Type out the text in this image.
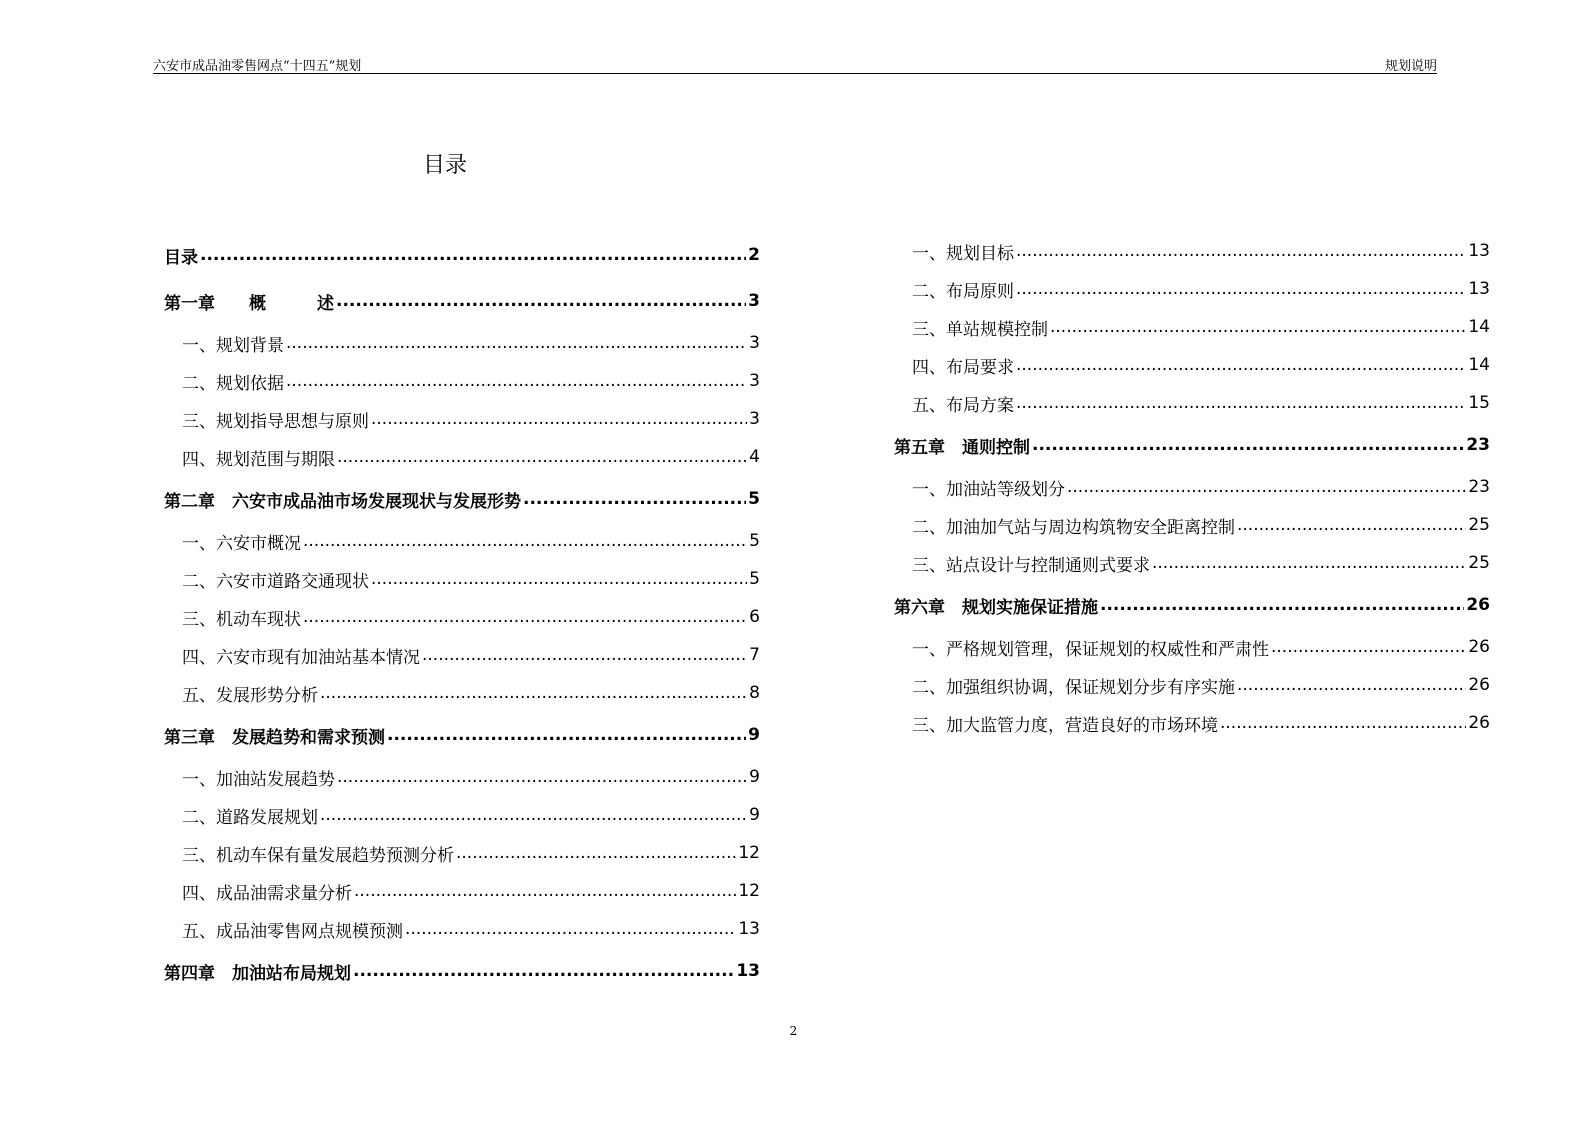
六安市成品油零售网点“十四五”规划	规划说明
目录
目录 .....	2
第一章　　概　　　述 .....	3
一、规划背景 .....	3
二、规划依据 .....	3
三、规划指导思想与原则 .....	3
四、规划范围与期限 .....	4
第二章　六安市成品油市场发展现状与发展形势 .....	5
一、六安市概况 .....	5
二、六安市道路交通现状 .....	5
三、机动车现状 .....	6
四、六安市现有加油站基本情况 .....	7
五、发展形势分析 .....	8
第三章　发展趋势和需求预测 .....	9
一、加油站发展趋势 .....	9
二、道路发展规划 .....	9
三、机动车保有量发展趋势预测分析 .....	12
四、成品油需求量分析 .....	12
五、成品油零售网点规模预测 .....	13
第四章　加油站布局规划 .....	13
一、规划目标 .....	13
二、布局原则 .....	13
三、单站规模控制 .....	14
四、布局要求 .....	14
五、布局方案 .....	15
第五章　通则控制 .....	23
一、加油站等级划分 .....	23
二、加油加气站与周边构筑物安全距离控制 .....	25
三、站点设计与控制通则式要求 .....	25
第六章　规划实施保证措施 .....	26
一、严格规划管理，保证规划的权威性和严肃性 .....	26
二、加强组织协调，保证规划分步有序实施 .....	26
三、加大监管力度，营造良好的市场环境 .....	26
2
